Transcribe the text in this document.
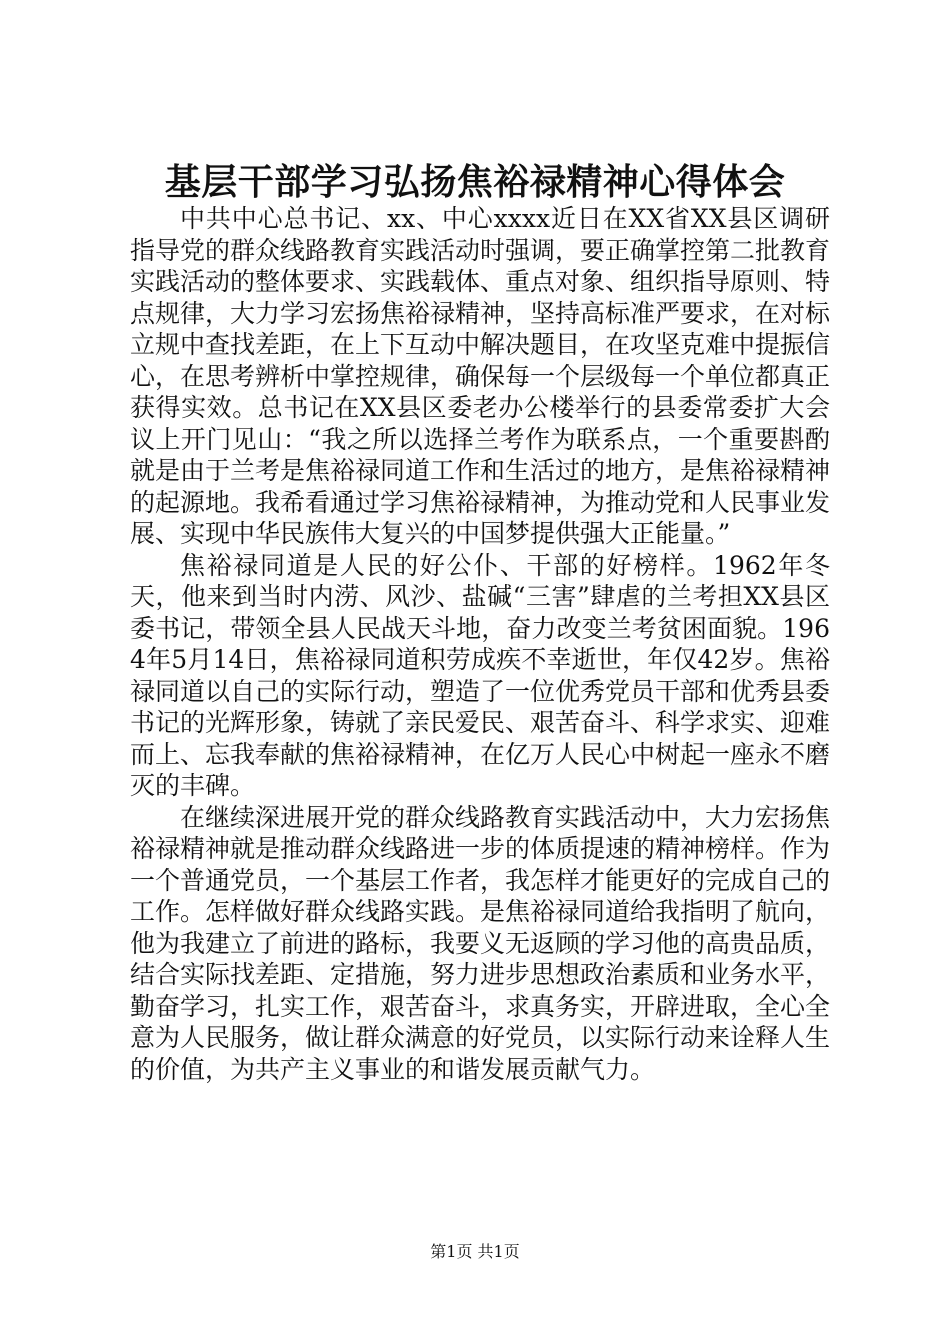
基层干部学习弘扬焦裕禄精神心得体会

中共中心总书记、xx、中心xxxx近日在XX省XX县区调研指导党的群众线路教育实践活动时强调，要正确掌控第二批教育实践活动的整体要求、实践载体、重点对象、组织指导原则、特点规律，大力学习宏扬焦裕禄精神，坚持高标准严要求，在对标立规中查找差距，在上下互动中解决题目，在攻坚克难中提振信心，在思考辨析中掌控规律，确保每一个层级每一个单位都真正获得实效。总书记在XX县区委老办公楼举行的县委常委扩大会议上开门见山：“我之所以选择兰考作为联系点，一个重要斟酌就是由于兰考是焦裕禄同道工作和生活过的地方，是焦裕禄精神的起源地。我希看通过学习焦裕禄精神，为推动党和人民事业发展、实现中华民族伟大复兴的中国梦提供强大正能量。”

焦裕禄同道是人民的好公仆、干部的好榜样。1962年冬天，他来到当时内涝、风沙、盐碱“三害”肆虐的兰考担XX县区委书记，带领全县人民战天斗地，奋力改变兰考贫困面貌。1964年5月14日，焦裕禄同道积劳成疾不幸逝世，年仅42岁。焦裕禄同道以自己的实际行动，塑造了一位优秀党员干部和优秀县委书记的光辉形象，铸就了亲民爱民、艰苦奋斗、科学求实、迎难而上、忘我奉献的焦裕禄精神，在亿万人民心中树起一座永不磨灭的丰碑。

在继续深进展开党的群众线路教育实践活动中，大力宏扬焦裕禄精神就是推动群众线路进一步的体质提速的精神榜样。作为一个普通党员，一个基层工作者，我怎样才能更好的完成自己的工作。怎样做好群众线路实践。是焦裕禄同道给我指明了航向，他为我建立了前进的路标，我要义无返顾的学习他的高贵品质，结合实际找差距、定措施，努力进步思想政治素质和业务水平，勤奋学习，扎实工作，艰苦奋斗，求真务实，开辟进取，全心全意为人民服务，做让群众满意的好党员，以实际行动来诠释人生的价值，为共产主义事业的和谐发展贡献气力。

第1页 共1页
